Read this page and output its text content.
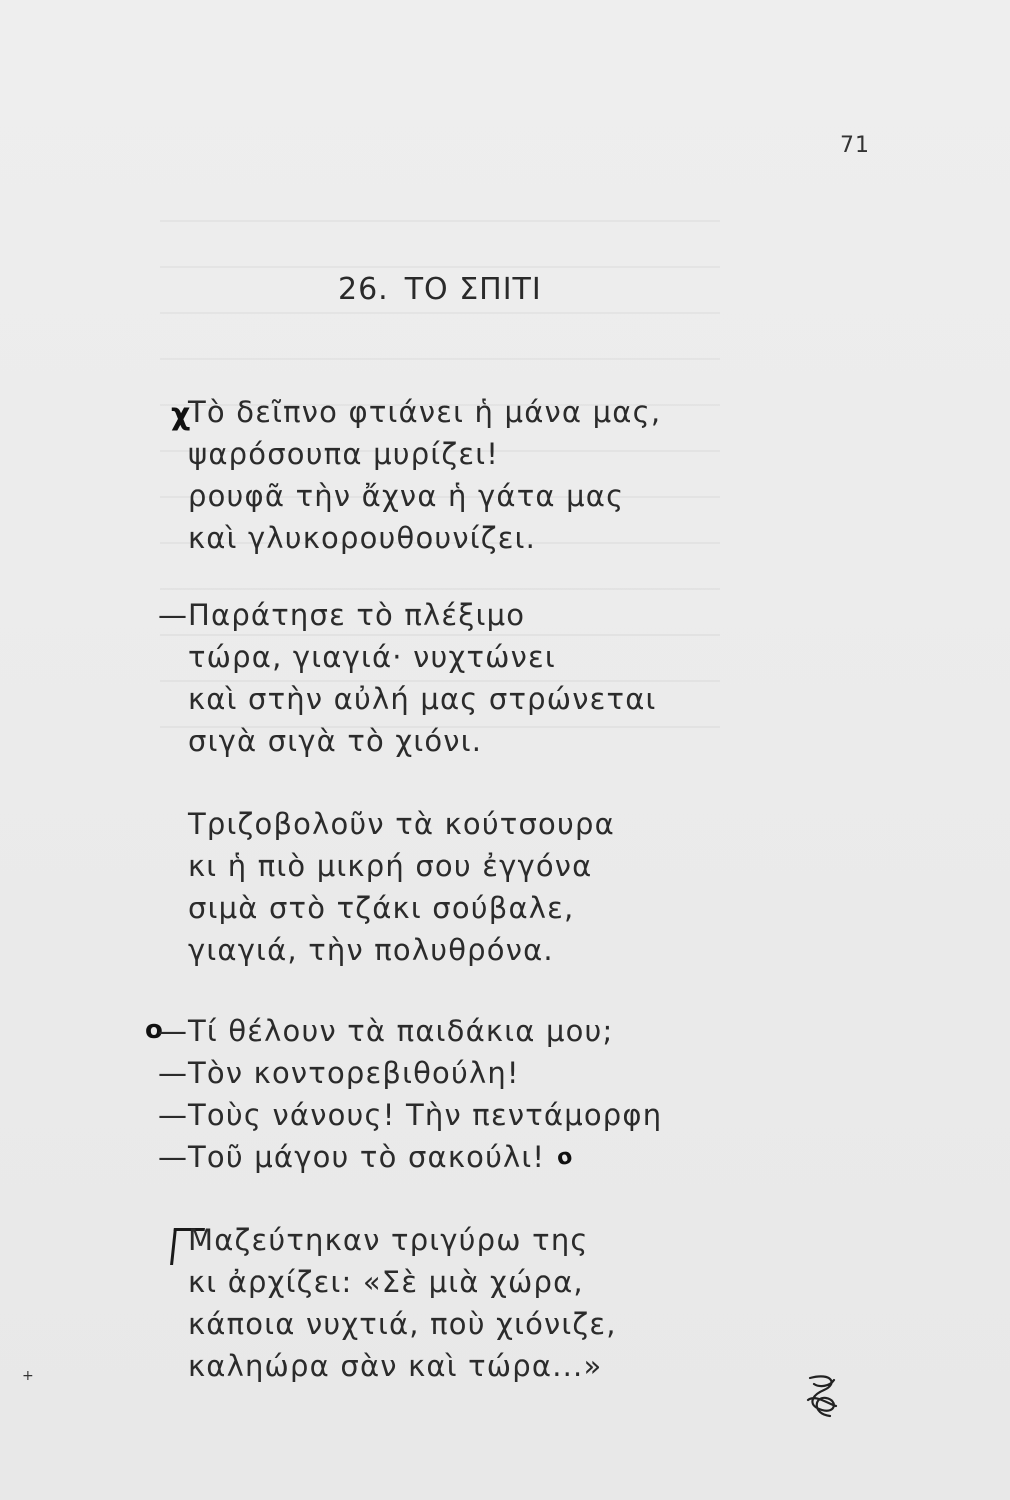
71
26. ΤΟ ΣΠΙΤΙ
χ
Τὸ δεῖπνο φτιάνει ἡ μάνα μας,
ψαρόσουπα μυρίζει!
ρουφᾶ τὴν ἄχνα ἡ γάτα μας
καὶ γλυκορουθουνίζει.
— Παράτησε τὸ πλέξιμο
τώρα, γιαγιά· νυχτώνει
καὶ στὴν αὐλή μας στρώνεται
σιγὰ σιγὰ τὸ χιόνι.
Τριζοβολοῦν τὰ κούτσουρα
κι ἡ πιὸ μικρή σου ἐγγόνα
σιμὰ στὸ τζάκι σούβαλε,
γιαγιά, τὴν πολυθρόνα.
o
— Τί θέλουν τὰ παιδάκια μου;
— Τὸν κοντορεβιθούλη!
— Τοὺς νάνους! Τὴν πεντάμορφη
— Τοῦ μάγου τὸ σακούλι! o
Μαζεύτηκαν τριγύρω της
κι ἀρχίζει: «Σὲ μιὰ χώρα,
κάποια νυχτιά, ποὺ χιόνιζε,
καληώρα σὰν καὶ τώρα...»
+
